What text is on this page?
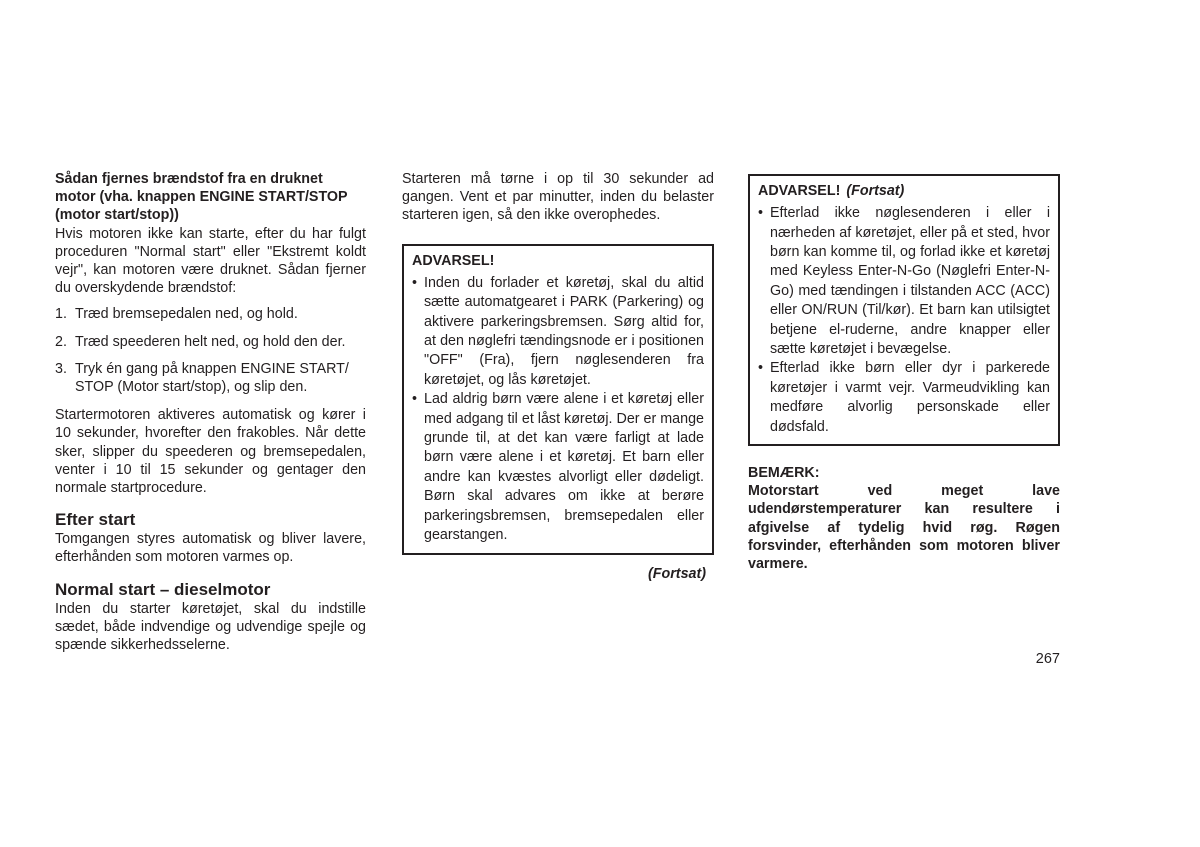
Sådan fjernes brændstof fra en druknet motor (vha. knappen ENGINE START/STOP (motor start/stop))

Hvis motoren ikke kan starte, efter du har fulgt proceduren "Normal start" eller "Ekstremt koldt vejr", kan motoren være druknet. Sådan fjerner du overskydende brændstof:

1. Træd bremsepedalen ned, og hold.
2. Træd speederen helt ned, og hold den der.
3. Tryk én gang på knappen ENGINE START/ STOP (Motor start/stop), og slip den.

Startermotoren aktiveres automatisk og kører i 10 sekunder, hvorefter den frakobles. Når dette sker, slipper du speederen og bremsepedalen, venter i 10 til 15 sekunder og gentager den normale startprocedure.

Efter start

Tomgangen styres automatisk og bliver lavere, efterhånden som motoren varmes op.

Normal start – dieselmotor

Inden du starter køretøjet, skal du indstille sædet, både indvendige og udvendige spejle og spænde sikkerhedsselerne.

Starteren må tørne i op til 30 sekunder ad gangen. Vent et par minutter, inden du belaster starteren igen, så den ikke overophedes.

ADVARSEL!
• Inden du forlader et køretøj, skal du altid sætte automatgearet i PARK (Parkering) og aktivere parkeringsbremsen. Sørg altid for, at den nøglefri tændingsnode er i positionen "OFF" (Fra), fjern nøglesenderen fra køretøjet, og lås køretøjet.
• Lad aldrig børn være alene i et køretøj eller med adgang til et låst køretøj. Der er mange grunde til, at det kan være farligt at lade børn være alene i et køretøj. Et barn eller andre kan kvæstes alvorligt eller dødeligt. Børn skal advares om ikke at berøre parkeringsbremsen, bremsepedalen eller gearstangen.
(Fortsat)
ADVARSEL! (Fortsat)
• Efterlad ikke nøglesenderen i eller i nærheden af køretøjet, eller på et sted, hvor børn kan komme til, og forlad ikke et køretøj med Keyless Enter-N-Go (Nøglefri Enter-N-Go) med tændingen i tilstanden ACC (ACC) eller ON/RUN (Til/kør). Et barn kan utilsigtet betjene el-ruderne, andre knapper eller sætte køretøjet i bevægelse.
• Efterlad ikke børn eller dyr i parkerede køretøjer i varmt vejr. Varmeudvikling kan medføre alvorlig personskade eller dødsfald.

BEMÆRK:

Motorstart ved meget lave udendørstemperaturer kan resultere i afgivelse af tydelig hvid røg. Røgen forsvinder, efterhånden som motoren bliver varmere.

267
